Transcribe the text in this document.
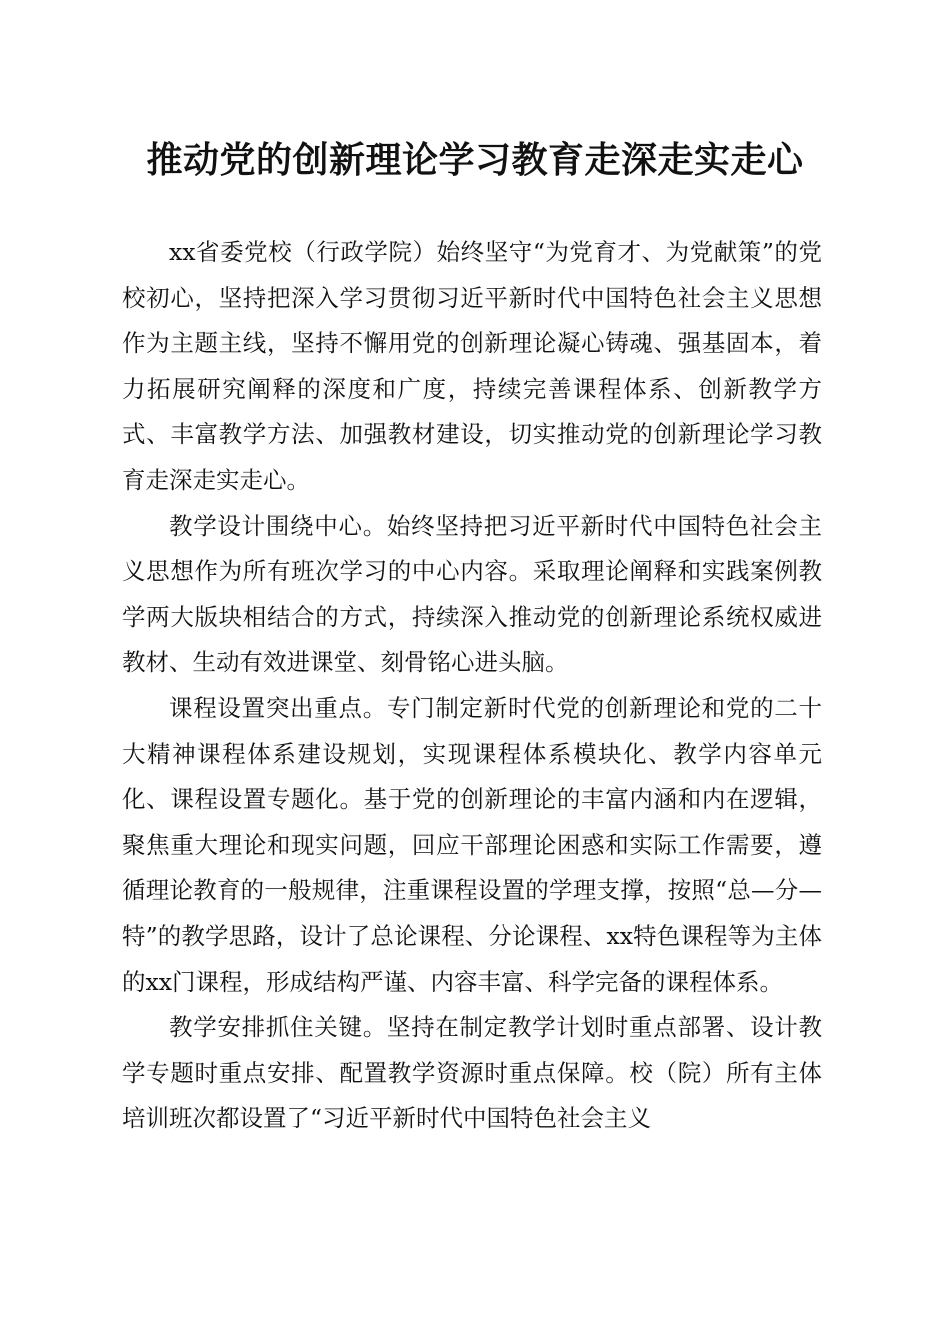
推动党的创新理论学习教育走深走实走心

xx省委党校（行政学院）始终坚守“为党育才、为党献策”的党校初心，坚持把深入学习贯彻习近平新时代中国特色社会主义思想作为主题主线，坚持不懈用党的创新理论凝心铸魂、强基固本，着力拓展研究阐释的深度和广度，持续完善课程体系、创新教学方式、丰富教学方法、加强教材建设，切实推动党的创新理论学习教育走深走实走心。

教学设计围绕中心。始终坚持把习近平新时代中国特色社会主义思想作为所有班次学习的中心内容。采取理论阐释和实践案例教学两大版块相结合的方式，持续深入推动党的创新理论系统权威进教材、生动有效进课堂、刻骨铭心进头脑。

课程设置突出重点。专门制定新时代党的创新理论和党的二十大精神课程体系建设规划，实现课程体系模块化、教学内容单元化、课程设置专题化。基于党的创新理论的丰富内涵和内在逻辑，聚焦重大理论和现实问题，回应干部理论困惑和实际工作需要，遵循理论教育的一般规律，注重课程设置的学理支撑，按照“总—分—特”的教学思路，设计了总论课程、分论课程、xx特色课程等为主体的xx门课程，形成结构严谨、内容丰富、科学完备的课程体系。

教学安排抓住关键。坚持在制定教学计划时重点部署、设计教学专题时重点安排、配置教学资源时重点保障。校（院）所有主体培训班次都设置了“习近平新时代中国特色社会主义
